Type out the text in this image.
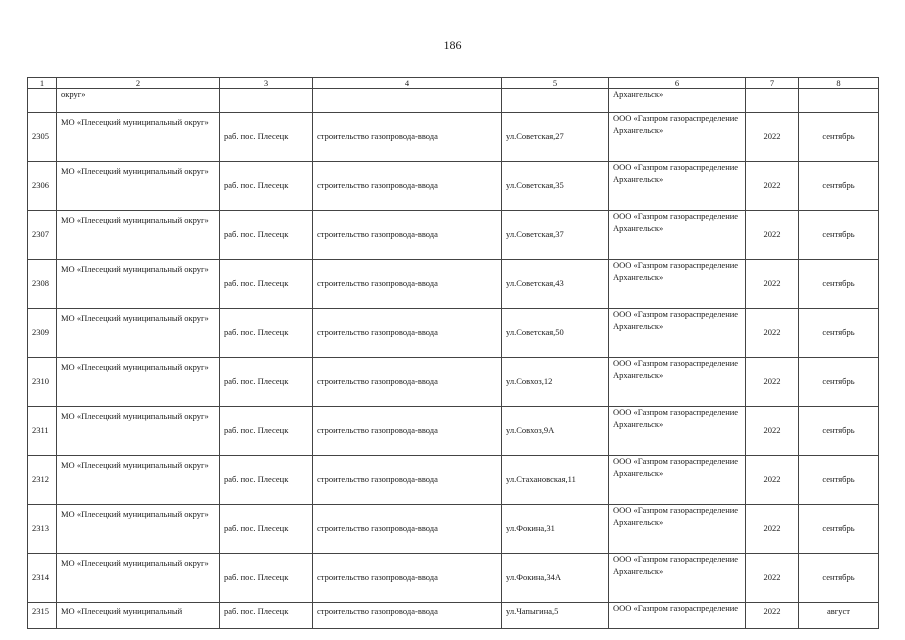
186
1	2	3	4	5	6	7	8
	округ»				Архангельск»		
2305	МО «Плесецкий муниципальный округ»	раб. пос. Плесецк	строительство газопровода-ввода	ул.Советская,27	ООО «Газпром газораспределение Архангельск»	2022	сентябрь
2306	МО «Плесецкий муниципальный округ»	раб. пос. Плесецк	строительство газопровода-ввода	ул.Советская,35	ООО «Газпром газораспределение Архангельск»	2022	сентябрь
2307	МО «Плесецкий муниципальный округ»	раб. пос. Плесецк	строительство газопровода-ввода	ул.Советская,37	ООО «Газпром газораспределение Архангельск»	2022	сентябрь
2308	МО «Плесецкий муниципальный округ»	раб. пос. Плесецк	строительство газопровода-ввода	ул.Советская,43	ООО «Газпром газораспределение Архангельск»	2022	сентябрь
2309	МО «Плесецкий муниципальный округ»	раб. пос. Плесецк	строительство газопровода-ввода	ул.Советская,50	ООО «Газпром газораспределение Архангельск»	2022	сентябрь
2310	МО «Плесецкий муниципальный округ»	раб. пос. Плесецк	строительство газопровода-ввода	ул.Совхоз,12	ООО «Газпром газораспределение Архангельск»	2022	сентябрь
2311	МО «Плесецкий муниципальный округ»	раб. пос. Плесецк	строительство газопровода-ввода	ул.Совхоз,9А	ООО «Газпром газораспределение Архангельск»	2022	сентябрь
2312	МО «Плесецкий муниципальный округ»	раб. пос. Плесецк	строительство газопровода-ввода	ул.Стахановская,11	ООО «Газпром газораспределение Архангельск»	2022	сентябрь
2313	МО «Плесецкий муниципальный округ»	раб. пос. Плесецк	строительство газопровода-ввода	ул.Фокина,31	ООО «Газпром газораспределение Архангельск»	2022	сентябрь
2314	МО «Плесецкий муниципальный округ»	раб. пос. Плесецк	строительство газопровода-ввода	ул.Фокина,34А	ООО «Газпром газораспределение Архангельск»	2022	сентябрь
2315	МО «Плесецкий муниципальный	раб. пос. Плесецк	строительство газопровода-ввода	ул.Чапыгина,5	ООО «Газпром газораспределение	2022	август
